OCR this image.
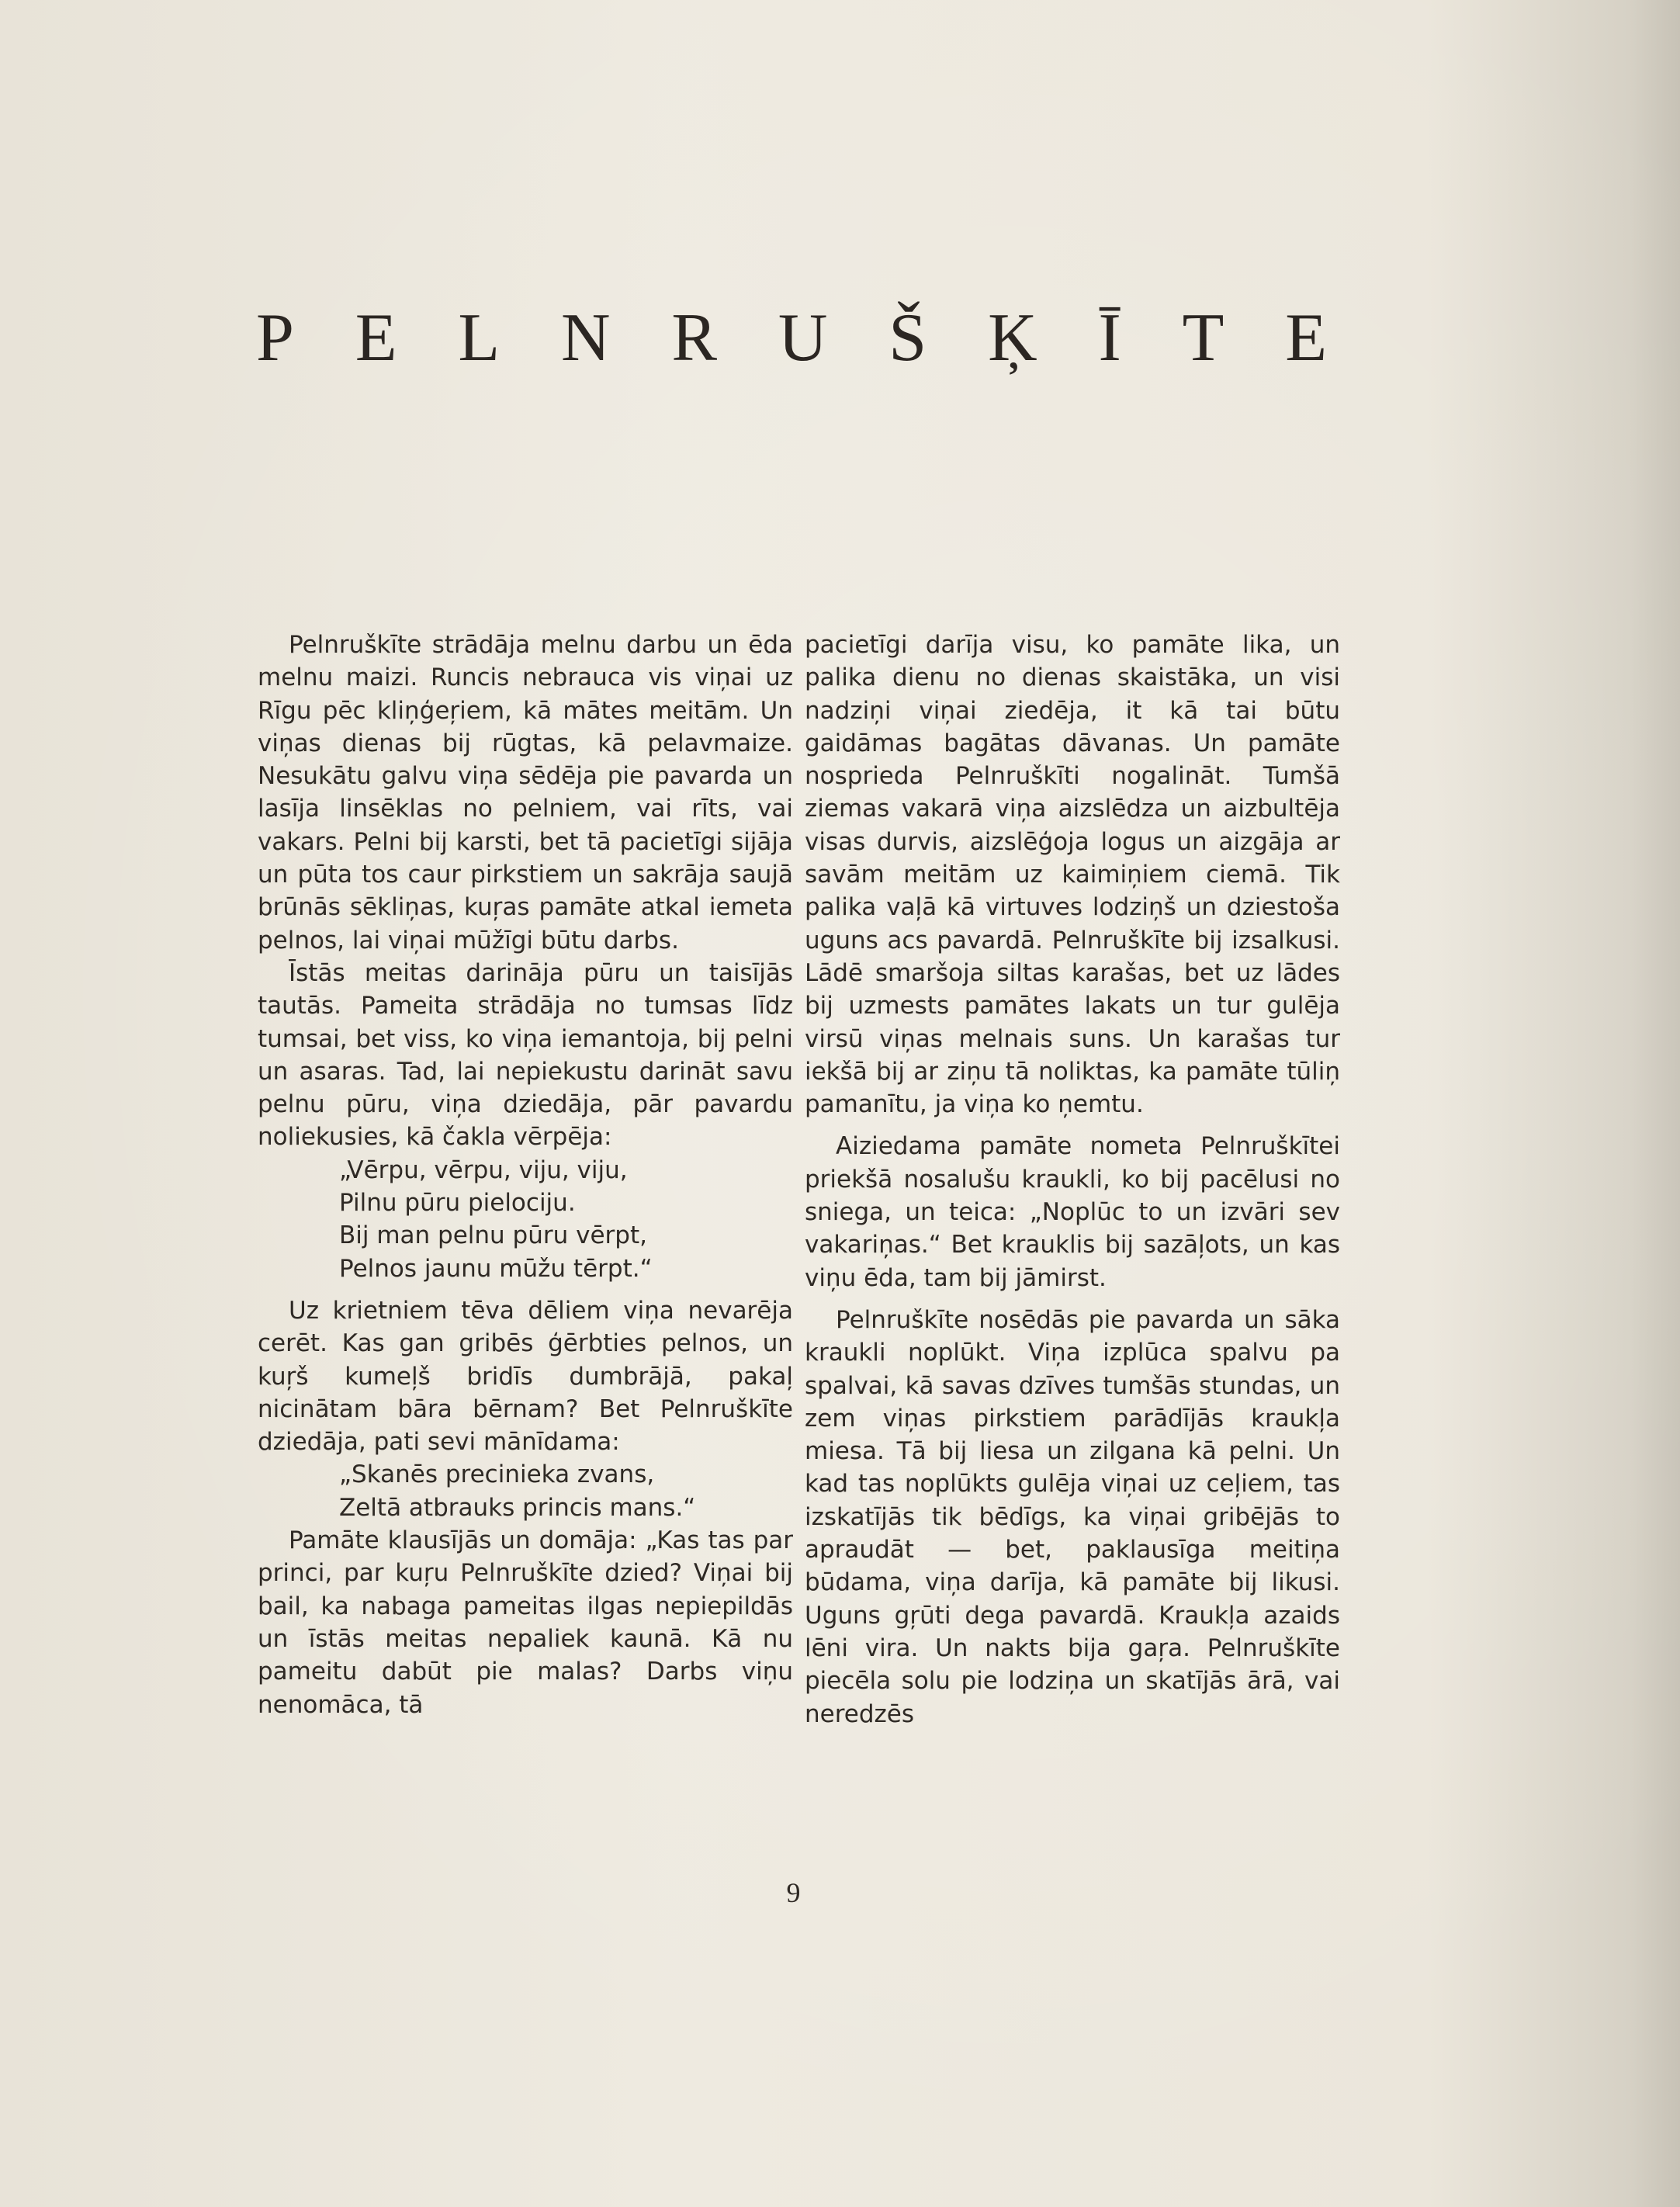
P E L N R U Š Ķ Ī T E

Pelnruškīte strādāja melnu darbu un ēda melnu maizi. Runcis nebrauca vis viņai uz Rīgu pēc kliņģeŗiem, kā mātes meitām. Un viņas dienas bij rūgtas, kā pelavmaize. Nesukātu galvu viņa sēdēja pie pavarda un lasīja linsēklas no pelniem, vai rīts, vai vakars. Pelni bij karsti, bet tā pacietīgi sijāja un pūta tos caur pirkstiem un sakrāja saujā brūnās sēkliņas, kuŗas pamāte atkal iemeta pelnos, lai viņai mūžīgi būtu darbs.

Īstās meitas darināja pūru un taisījās tautās. Pameita strādāja no tumsas līdz tumsai, bet viss, ko viņa iemantoja, bij pelni un asaras. Tad, lai nepiekustu darināt savu pelnu pūru, viņa dziedāja, pār pavardu noliekusies, kā čakla vērpēja:

„Vērpu, vērpu, viju, viju,
Pilnu pūru pielociju.
Bij man pelnu pūru vērpt,
Pelnos jaunu mūžu tērpt.“

Uz krietniem tēva dēliem viņa nevarēja cerēt. Kas gan gribēs ģērbties pelnos, un kuŗš kumeļš bridīs dumbrājā, pakaļ nicinātam bāra bērnam? Bet Pelnruškīte dziedāja, pati sevi mānīdama:

„Skanēs precinieka zvans,
Zeltā atbrauks princis mans.“

Pamāte klausījās un domāja: „Kas tas par princi, par kuŗu Pelnruškīte dzied? Viņai bij bail, ka nabaga pameitas ilgas nepiepildās un īstās meitas nepaliek kaunā. Kā nu pameitu dabūt pie malas? Darbs viņu nenomāca, tā

pacietīgi darīja visu, ko pamāte lika, un palika dienu no dienas skaistāka, un visi nadziņi viņai ziedēja, it kā tai būtu gaidāmas bagātas dāvanas. Un pamāte nosprieda Pelnruškīti nogalināt. Tumšā ziemas vakarā viņa aizslēdza un aizbultēja visas durvis, aizslēģoja logus un aizgāja ar savām meitām uz kaimiņiem ciemā. Tik palika vaļā kā virtuves lodziņš un dziestoša uguns acs pavardā. Pelnruškīte bij izsalkusi. Lādē smaršoja siltas karašas, bet uz lādes bij uzmests pamātes lakats un tur gulēja virsū viņas melnais suns. Un karašas tur iekšā bij ar ziņu tā noliktas, ka pamāte tūliņ pamanītu, ja viņa ko ņemtu.

Aiziedama pamāte nometa Pelnruškītei priekšā nosalušu kraukli, ko bij pacēlusi no sniega, un teica: „Noplūc to un izvāri sev vakariņas.“ Bet krauklis bij sazāļots, un kas viņu ēda, tam bij jāmirst.

Pelnruškīte nosēdās pie pavarda un sāka kraukli noplūkt. Viņa izplūca spalvu pa spalvai, kā savas dzīves tumšās stundas, un zem viņas pirkstiem parādījās kraukļa miesa. Tā bij liesa un zilgana kā pelni. Un kad tas noplūkts gulēja viņai uz ceļiem, tas izskatījās tik bēdīgs, ka viņai gribējās to apraudāt — bet, paklausīga meitiņa būdama, viņa darīja, kā pamāte bij likusi. Uguns gŗūti dega pavardā. Kraukļa azaids lēni vira. Un nakts bija gaŗa. Pelnruškīte piecēla solu pie lodziņa un skatījās ārā, vai neredzēs

9
